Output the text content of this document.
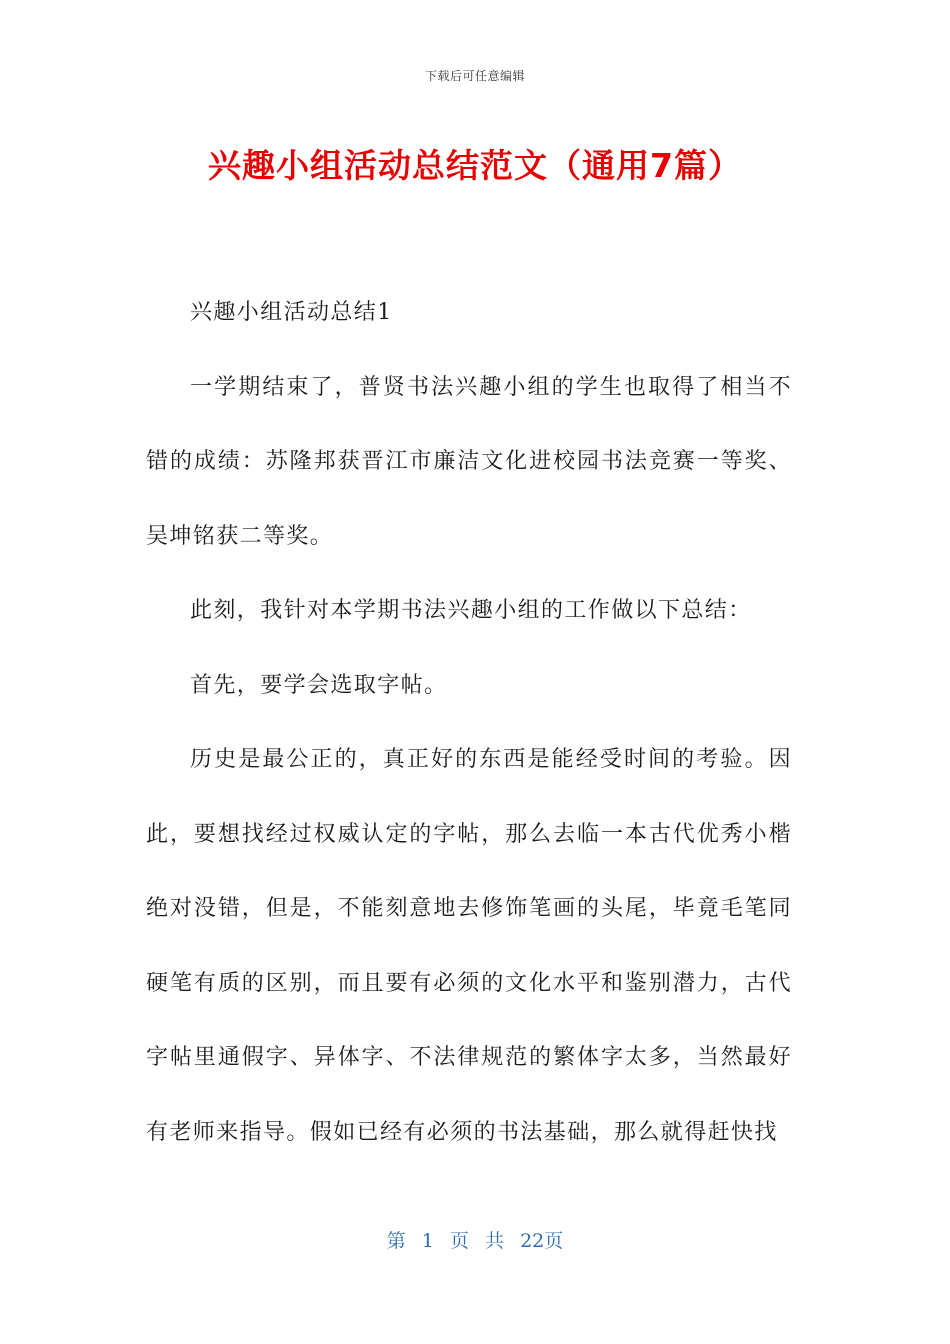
下载后可任意编辑
兴趣小组活动总结范文（通用7篇）

兴趣小组活动总结1

一学期结束了，普贤书法兴趣小组的学生也取得了相当不错的成绩：苏隆邦获晋江市廉洁文化进校园书法竞赛一等奖、吴坤铭获二等奖。

此刻，我针对本学期书法兴趣小组的工作做以下总结：

首先，要学会选取字帖。

历史是最公正的，真正好的东西是能经受时间的考验。因此，要想找经过权威认定的字帖，那么去临一本古代优秀小楷绝对没错，但是，不能刻意地去修饰笔画的头尾，毕竟毛笔同硬笔有质的区别，而且要有必须的文化水平和鉴别潜力，古代字帖里通假字、异体字、不法律规范的繁体字太多，当然最好有老师来指导。假如已经有必须的书法基础，那么就得赶快找

第 1 页 共 22页
